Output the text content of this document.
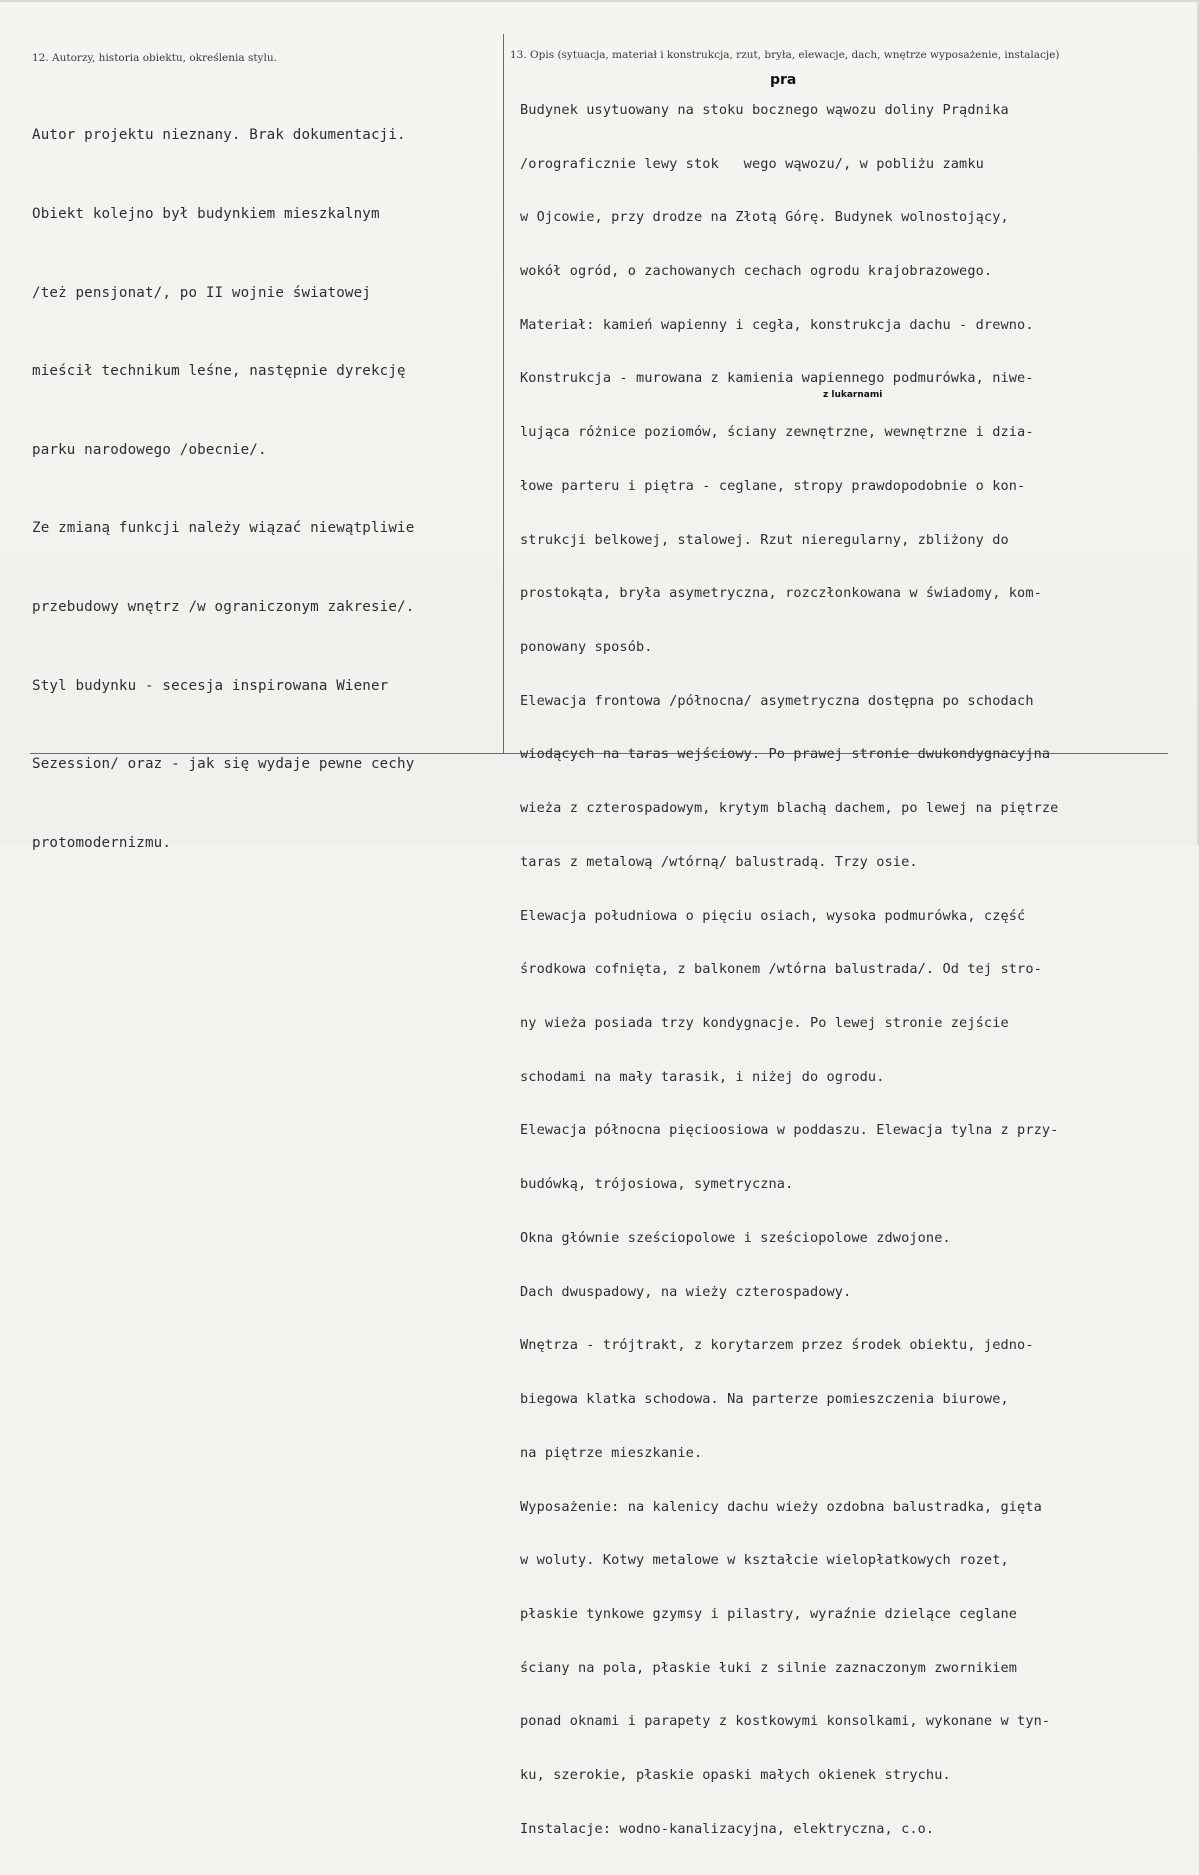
12. Autorzy, historia obiektu, określenia stylu.	13. Opis (sytuacja, materiał i konstrukcja, rzut, bryła, elewacje, dach, wnętrze wyposażenie, instalacje)

Autor projektu nieznany. Brak dokumentacji.

Obiekt kolejno był budynkiem mieszkalnym

/też pensjonat/, po II wojnie światowej

mieścił technikum leśne, następnie dyrekcję

parku narodowego /obecnie/.

Ze zmianą funkcji należy wiązać niewątpliwie

przebudowy wnętrz /w ograniczonym zakresie/.

Styl budynku - secesja inspirowana Wiener

Sezession/ oraz - jak się wydaje pewne cechy

protomodernizmu.

Budynek usytuowany na stoku bocznego wąwozu doliny Prądnika

/orograficznie lewy stok   wego wąwozu/, w pobliżu zamku

w Ojcowie, przy drodze na Złotą Górę. Budynek wolnostojący,

wokół ogród, o zachowanych cechach ogrodu krajobrazowego.

Materiał: kamień wapienny i cegła, konstrukcja dachu - drewno.

Konstrukcja - murowana z kamienia wapiennego podmurówka, niwe-

lująca różnice poziomów, ściany zewnętrzne, wewnętrzne i dzia-

łowe parteru i piętra - ceglane, stropy prawdopodobnie o kon-

strukcji belkowej, stalowej. Rzut nieregularny, zbliżony do

prostokąta, bryła asymetryczna, rozczłonkowana w świadomy, kom-

ponowany sposób.

Elewacja frontowa /północna/ asymetryczna dostępna po schodach

wiodących na taras wejściowy. Po prawej stronie dwukondygnacyjna

wieża z czterospadowym, krytym blachą dachem, po lewej na piętrze

taras z metalową /wtórną/ balustradą. Trzy osie.

Elewacja południowa o pięciu osiach, wysoka podmurówka, część

środkowa cofnięta, z balkonem /wtórna balustrada/. Od tej stro-

ny wieża posiada trzy kondygnacje. Po lewej stronie zejście

schodami na mały tarasik, i niżej do ogrodu.

Elewacja północna pięcioosiowa w poddaszu. Elewacja tylna z przy-

budówką, trójosiowa, symetryczna.

Okna głównie sześciopolowe i sześciopolowe zdwojone.

Dach dwuspadowy, na wieży czterospadowy.

Wnętrza - trójtrakt, z korytarzem przez środek obiektu, jedno-

biegowa klatka schodowa. Na parterze pomieszczenia biurowe,

na piętrze mieszkanie.

Wyposażenie: na kalenicy dachu wieży ozdobna balustradka, gięta

w woluty. Kotwy metalowe w kształcie wielopłatkowych rozet,

płaskie tynkowe gzymsy i pilastry, wyraźnie dzielące ceglane

ściany na pola, płaskie łuki z silnie zaznaczonym zwornikiem

ponad oknami i parapety z kostkowymi konsolkami, wykonane w tyn-

ku, szerokie, płaskie opaski małych okienek strychu.

Instalacje: wodno-kanalizacyjna, elektryczna, c.o.

pra
z lukarnami
